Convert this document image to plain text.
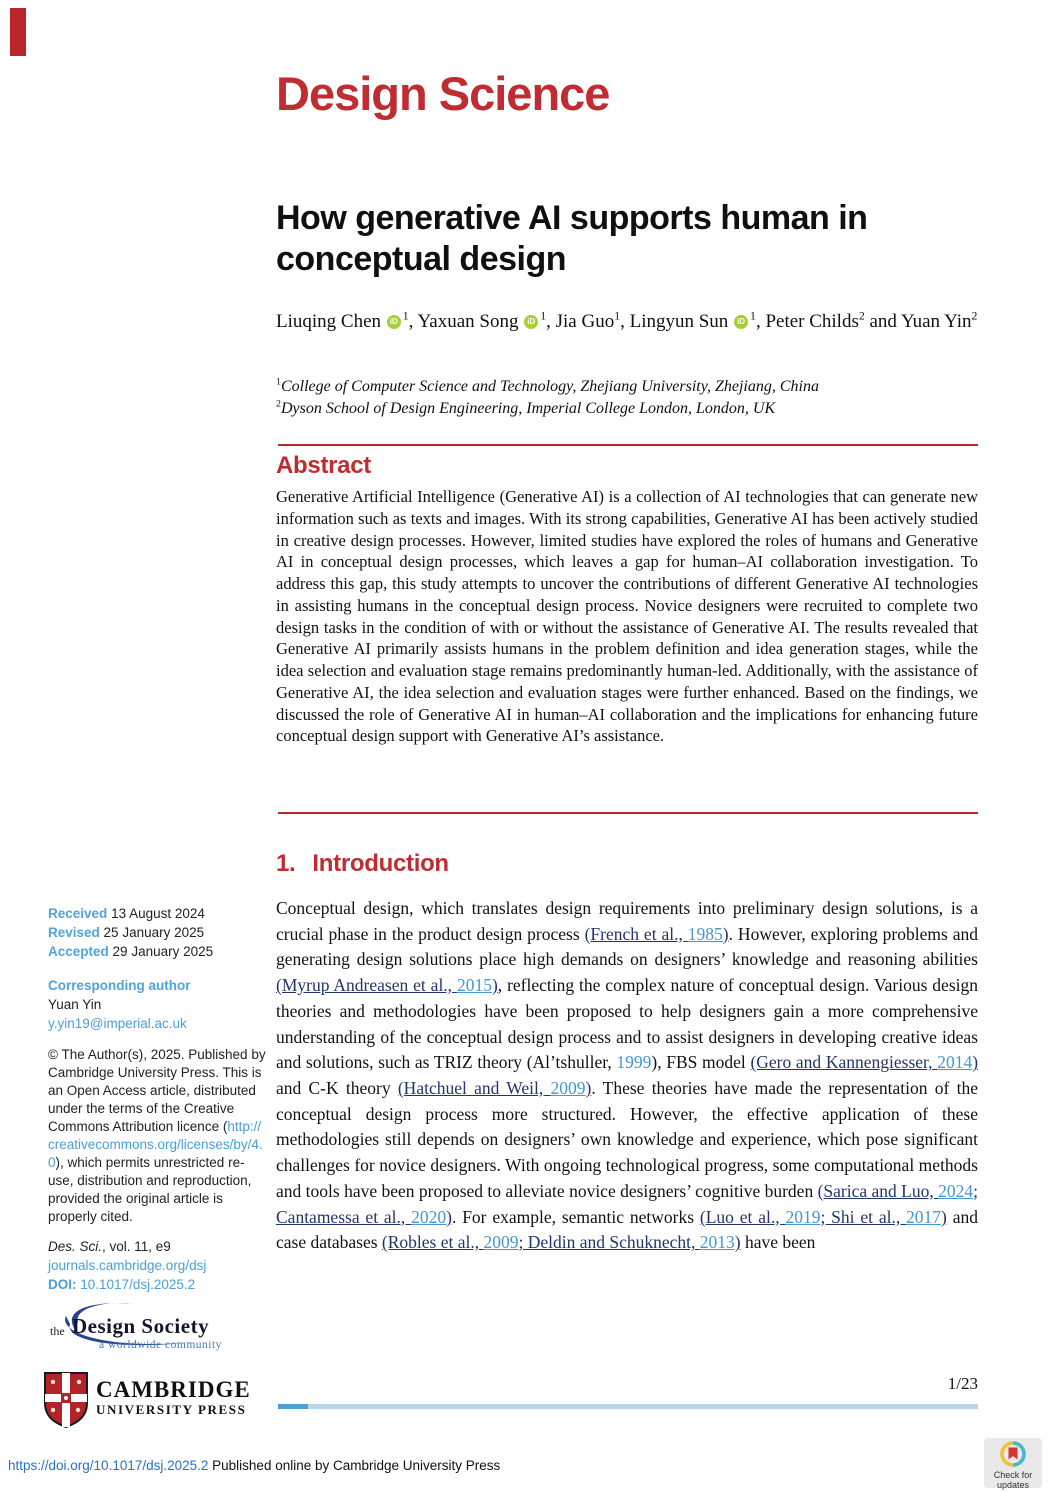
Design Science
How generative AI supports human in conceptual design
Liuqing Chen iD $^1$, Yaxuan Song iD $^1$, Jia Guo$^1$, Lingyun Sun iD $^1$, Peter Childs$^2$ and Yuan Yin$^2$
$^1$College of Computer Science and Technology, Zhejiang University, Zhejiang, China
$^2$Dyson School of Design Engineering, Imperial College London, London, UK
Abstract
Generative Artificial Intelligence (Generative AI) is a collection of AI technologies that can generate new information such as texts and images. With its strong capabilities, Generative AI has been actively studied in creative design processes. However, limited studies have explored the roles of humans and Generative AI in conceptual design processes, which leaves a gap for human–AI collaboration investigation. To address this gap, this study attempts to uncover the contributions of different Generative AI technologies in assisting humans in the conceptual design process. Novice designers were recruited to complete two design tasks in the condition of with or without the assistance of Generative AI. The results revealed that Generative AI primarily assists humans in the problem definition and idea generation stages, while the idea selection and evaluation stage remains predominantly human-led. Additionally, with the assistance of Generative AI, the idea selection and evaluation stages were further enhanced. Based on the findings, we discussed the role of Generative AI in human–AI collaboration and the implications for enhancing future conceptual design support with Generative AI’s assistance.
1. Introduction
Conceptual design, which translates design requirements into preliminary design solutions, is a crucial phase in the product design process (French et al., 1985). However, exploring problems and generating design solutions place high demands on designers’ knowledge and reasoning abilities (Myrup Andreasen et al., 2015), reflecting the complex nature of conceptual design. Various design theories and methodologies have been proposed to help designers gain a more comprehensive understanding of the conceptual design process and to assist designers in developing creative ideas and solutions, such as TRIZ theory (Al’tshuller, 1999), FBS model (Gero and Kannengiesser, 2014) and C-K theory (Hatchuel and Weil, 2009). These theories have made the representation of the conceptual design process more structured. However, the effective application of these methodologies still depends on designers’ own knowledge and experience, which pose significant challenges for novice designers. With ongoing technological progress, some computational methods and tools have been proposed to alleviate novice designers’ cognitive burden (Sarica and Luo, 2024; Cantamessa et al., 2020). For example, semantic networks (Luo et al., 2019; Shi et al., 2017) and case databases (Robles et al., 2009; Deldin and Schuknecht, 2013) have been
Received 13 August 2024
Revised 25 January 2025
Accepted 29 January 2025
Corresponding author
Yuan Yin
y.yin19@imperial.ac.uk
© The Author(s), 2025. Published by Cambridge University Press. This is an Open Access article, distributed under the terms of the Creative Commons Attribution licence (http://creativecommons.org/licenses/by/4.0), which permits unrestricted re-use, distribution and reproduction, provided the original article is properly cited.
Des. Sci., vol. 11, e9
journals.cambridge.org/dsj
DOI: 10.1017/dsj.2025.2
the Design Society
a worldwide community
CAMBRIDGE
UNIVERSITY PRESS
1/23
Check for
updates
https://doi.org/10.1017/dsj.2025.2 Published online by Cambridge University Press
